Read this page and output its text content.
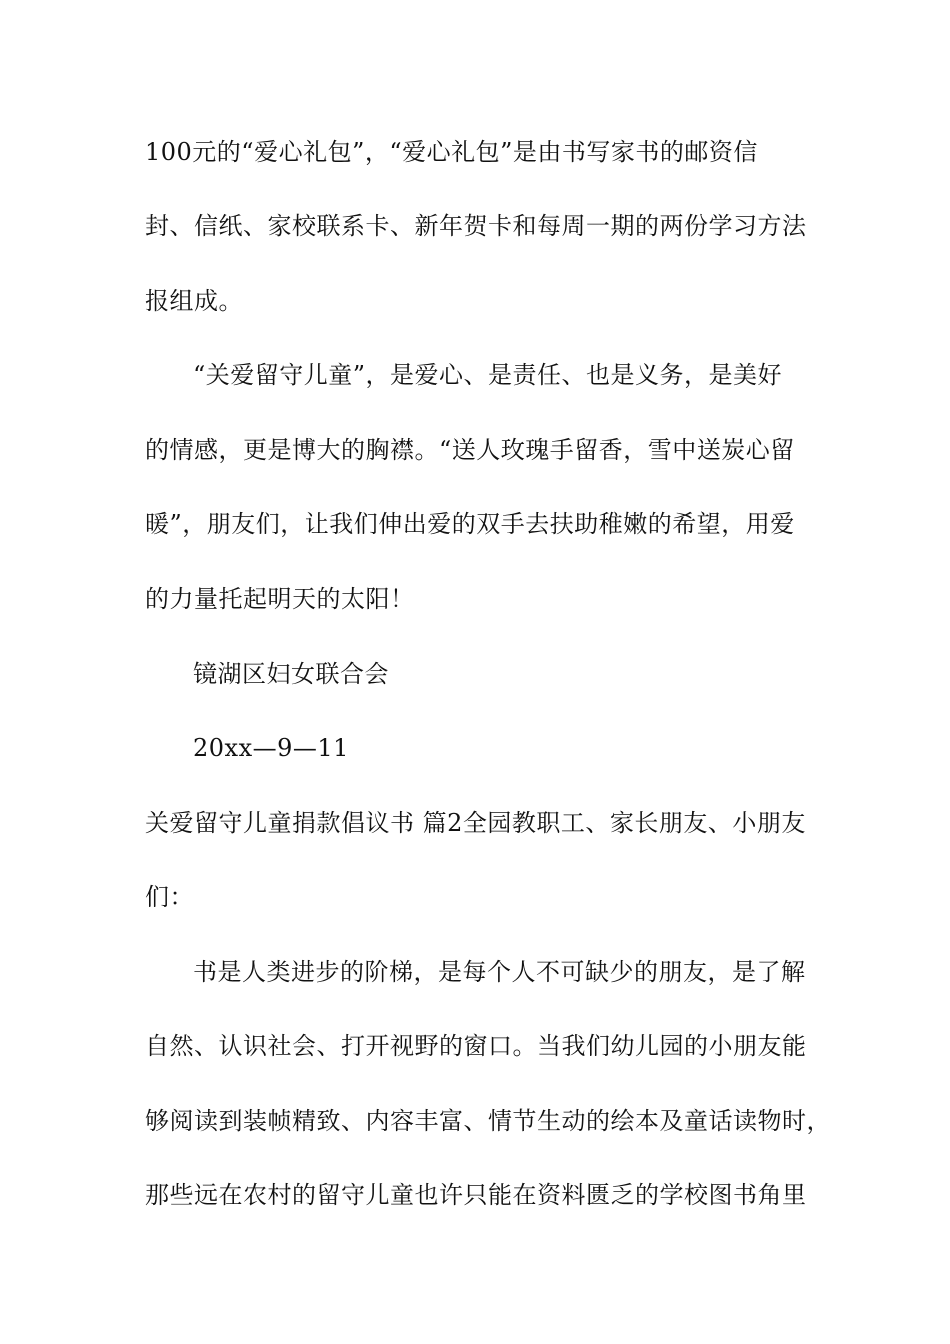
100元的“爱心礼包”，“爱心礼包”是由书写家书的邮资信
封、信纸、家校联系卡、新年贺卡和每周一期的两份学习方法
报组成。
“关爱留守儿童”，是爱心、是责任、也是义务，是美好
的情感，更是博大的胸襟。“送人玫瑰手留香，雪中送炭心留
暖”，朋友们，让我们伸出爱的双手去扶助稚嫩的希望，用爱
的力量托起明天的太阳！
镜湖区妇女联合会
20xx—9—11
关爱留守儿童捐款倡议书 篇2全园教职工、家长朋友、小朋友
们：
书是人类进步的阶梯，是每个人不可缺少的朋友，是了解
自然、认识社会、打开视野的窗口。当我们幼儿园的小朋友能
够阅读到装帧精致、内容丰富、情节生动的绘本及童话读物时，
那些远在农村的留守儿童也许只能在资料匮乏的学校图书角里
